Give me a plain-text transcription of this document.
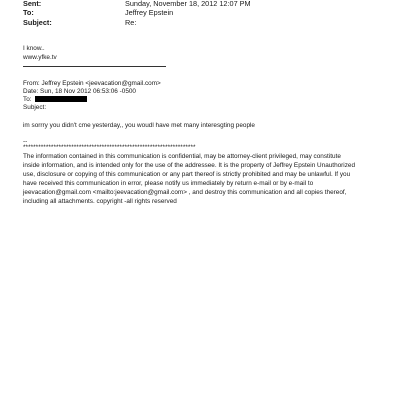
Sent:	Sunday, November 18, 2012 12:07 PM
To:	Jeffrey Epstein
Subject:	Re:
I know..
www.yfke.tv
From: Jeffrey Epstein <jeevacation@gmail.com>
Date: Sun, 18 Nov 2012 06:53:06 -0500
To:
Subject:
im sorrry you didn't cme yesterday,, you woudl have met many interesgting people
--
********************************************************************
The information contained in this communication is confidential, may be attorney-client privileged, may constitute
inside information, and is intended only for the use of the addressee. It is the property of Jeffrey Epstein Unauthorized
use, disclosure or copying of this communication or any part thereof is strictly prohibited and may be unlawful. If you
have received this communication in error, please notify us immediately by return e-mail or by e-mail to
jeevacation@gmail.com <mailto:jeevacation@gmail.com> , and destroy this communication and all copies thereof,
including all attachments. copyright -all rights reserved
